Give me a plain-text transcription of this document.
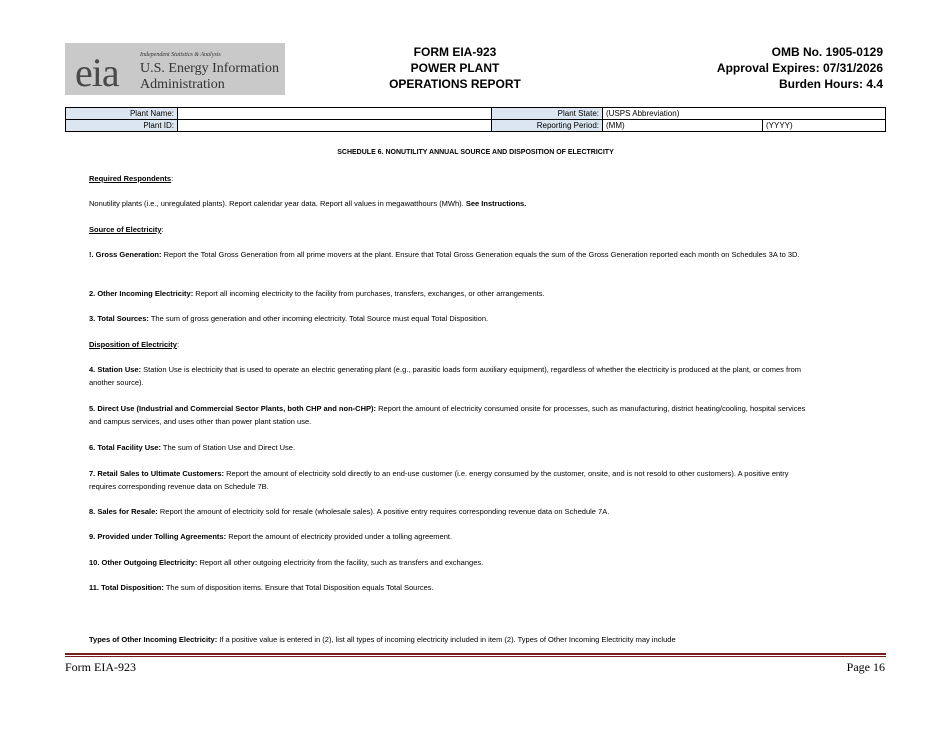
eia	Independent Statistics & Analysis
U.S. Energy Information
Administration
FORM EIA-923
POWER PLANT
OPERATIONS REPORT
OMB No. 1905-0129
Approval Expires: 07/31/2026
Burden Hours: 4.4
Plant Name:		Plant State:	(USPS Abbreviation)	
Plant ID:		Reporting Period:	(MM)	(YYYY)
SCHEDULE 6. NONUTILITY ANNUAL SOURCE AND DISPOSITION OF ELECTRICITY
Required Respondents:
Nonutility plants (i.e., unregulated plants). Report calendar year data. Report all values in megawatthours (MWh). See Instructions.
Source of Electricity:
!. Gross Generation: Report the Total Gross Generation from all prime movers at the plant. Ensure that Total Gross Generation equals the sum of the Gross Generation reported each month on Schedules 3A to 3D.
2. Other Incoming Electricity: Report all incoming electricity to the facility from purchases, transfers, exchanges, or other arrangements.
3. Total Sources: The sum of gross generation and other incoming electricity. Total Source must equal Total Disposition.
Disposition of Electricity:
4. Station Use: Station Use is electricity that is used to operate an electric generating plant (e.g., parasitic loads form auxiliary equipment), regardless of whether the electricity is produced at the plant, or comes from another source).
5. Direct Use (Industrial and Commercial Sector Plants, both CHP and non-CHP): Report the amount of electricity consumed onsite for processes, such as manufacturing, district heating/cooling, hospital services and campus services, and uses other than power plant station use.
6. Total Facility Use: The sum of Station Use and Direct Use.
7. Retail Sales to Ultimate Customers: Report the amount of electricity sold directly to an end-use customer (i.e. energy consumed by the customer, onsite, and is not resold to other customers). A positive entry requires corresponding revenue data on Schedule 7B.
8. Sales for Resale: Report the amount of electricity sold for resale (wholesale sales). A positive entry requires corresponding revenue data on Schedule 7A.
9. Provided under Tolling Agreements: Report the amount of electricity provided under a tolling agreement.
10. Other Outgoing Electricity: Report all other outgoing electricity from the facility, such as transfers and exchanges.
11. Total Disposition: The sum of disposition items. Ensure that Total Disposition equals Total Sources.
Types of Other Incoming Electricity: If a positive value is entered in (2), list all types of incoming electricity included in item (2). Types of Other Incoming Electricity may include
Form EIA-923	Page 16
